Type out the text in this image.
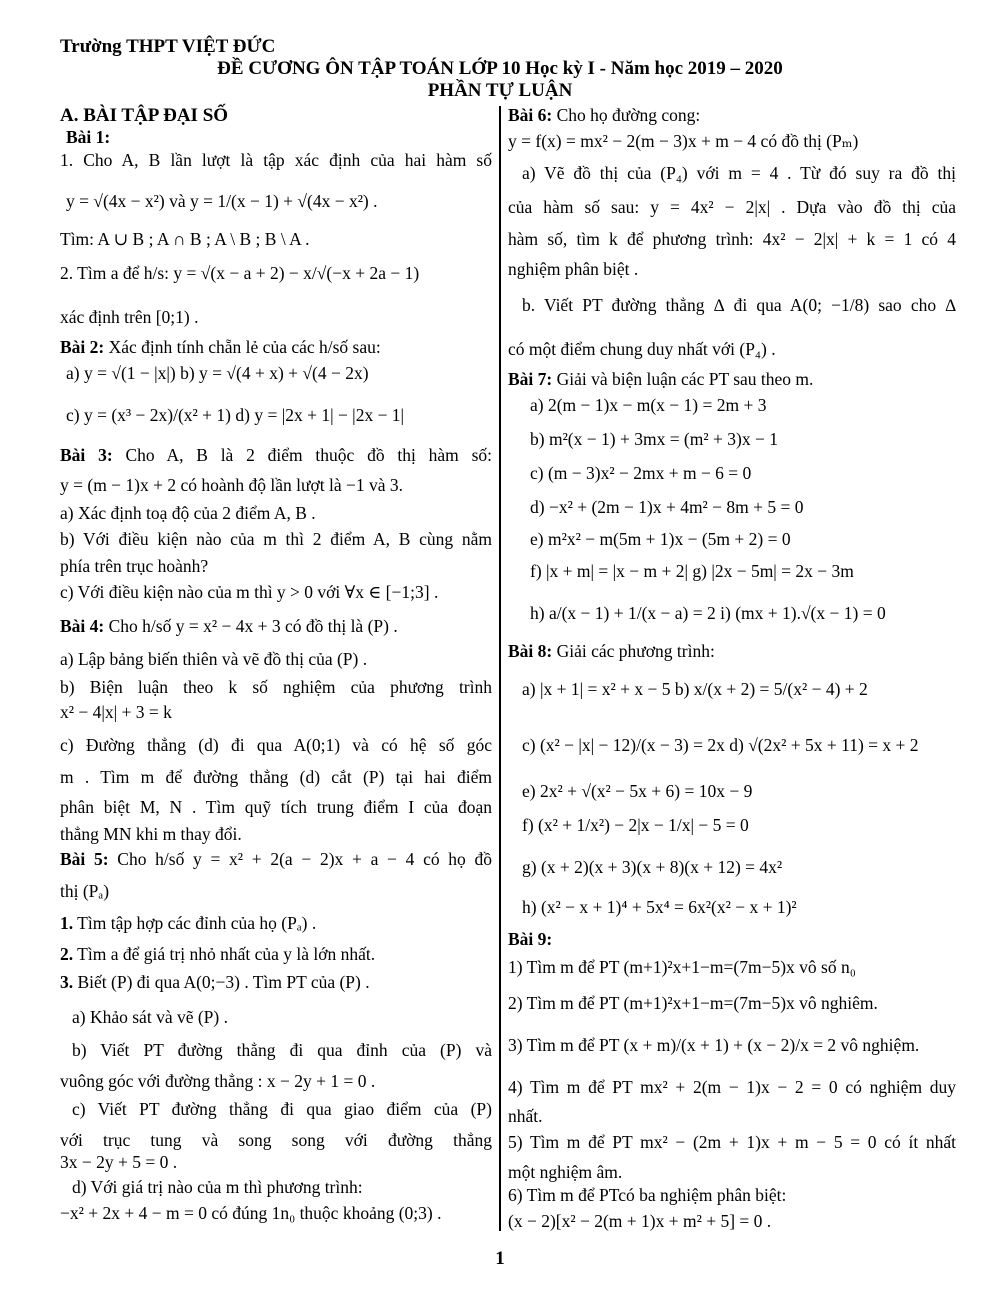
Trường THPT VIỆT ĐỨC
ĐỀ CƯƠNG ÔN TẬP TOÁN LỚP 10 Học kỳ I - Năm học 2019 – 2020
PHẦN TỰ LUẬN
A. BÀI TẬP ĐẠI SỐ
Bài 1:
1. Cho A, B lần lượt là tập xác định của hai hàm số
y = √(4x − x²) và y = 1/(x − 1) + √(4x − x²) .
Tìm: A ∪ B ; A ∩ B ; A \ B ; B \ A .
2. Tìm a để h/s: y = √(x − a + 2) − x/√(−x + 2a − 1)
xác định trên [0;1) .
Bài 2: Xác định tính chẵn lẻ của các h/số sau:
a) y = √(1 − |x|) b) y = √(4 + x) + √(4 − 2x)
c) y = (x³ − 2x)/(x² + 1) d) y = |2x + 1| − |2x − 1|
Bài 3: Cho A, B là 2 điểm thuộc đồ thị hàm số:
y = (m − 1)x + 2 có hoành độ lần lượt là −1 và 3.
a) Xác định toạ độ của 2 điểm A, B .
b) Với điều kiện nào của m thì 2 điểm A, B cùng nằm
phía trên trục hoành?
c) Với điều kiện nào của m thì y > 0 với ∀x ∈ [−1;3] .
Bài 4: Cho h/số y = x² − 4x + 3 có đồ thị là (P) .
a) Lập bảng biến thiên và vẽ đồ thị của (P) .
b) Biện luận theo k số nghiệm của phương trình
x² − 4|x| + 3 = k
c) Đường thẳng (d) đi qua A(0;1) và có hệ số góc
m . Tìm m để đường thẳng (d) cắt (P) tại hai điểm
phân biệt M, N . Tìm quỹ tích trung điểm I của đoạn
thẳng MN khi m thay đổi.
Bài 5: Cho h/số y = x² + 2(a − 2)x + a − 4 có họ đồ
thị (Pₐ)
1. Tìm tập hợp các đỉnh của họ (Pₐ) .
2. Tìm a để giá trị nhỏ nhất của y là lớn nhất.
3. Biết (P) đi qua A(0;−3) . Tìm PT của (P) .
a) Khảo sát và vẽ (P) .
b) Viết PT đường thẳng đi qua đỉnh của (P) và
vuông góc với đường thẳng : x − 2y + 1 = 0 .
c) Viết PT đường thẳng đi qua giao điểm của (P)
với trục tung và song song với đường thẳng
3x − 2y + 5 = 0 .
d) Với giá trị nào của m thì phương trình:
−x² + 2x + 4 − m = 0 có đúng 1n₀ thuộc khoảng (0;3) .
Bài 6: Cho họ đường cong:
y = f(x) = mx² − 2(m − 3)x + m − 4 có đồ thị (Pₘ)
a) Vẽ đồ thị của (P₄) với m = 4 . Từ đó suy ra đồ thị
của hàm số sau: y = 4x² − 2|x| . Dựa vào đồ thị của
hàm số, tìm k để phương trình: 4x² − 2|x| + k = 1 có 4
nghiệm phân biệt .
b. Viết PT đường thẳng ∆ đi qua A(0; −1/8) sao cho ∆
có một điểm chung duy nhất với (P₄) .
Bài 7: Giải và biện luận các PT sau theo m.
a) 2(m − 1)x − m(x − 1) = 2m + 3
b) m²(x − 1) + 3mx = (m² + 3)x − 1
c) (m − 3)x² − 2mx + m − 6 = 0
d) −x² + (2m − 1)x + 4m² − 8m + 5 = 0
e) m²x² − m(5m + 1)x − (5m + 2) = 0
f) |x + m| = |x − m + 2| g) |2x − 5m| = 2x − 3m
h) a/(x − 1) + 1/(x − a) = 2 i) (mx + 1).√(x − 1) = 0
Bài 8: Giải các phương trình:
a) |x + 1| = x² + x − 5 b) x/(x + 2) = 5/(x² − 4) + 2
c) (x² − |x| − 12)/(x − 3) = 2x d) √(2x² + 5x + 11) = x + 2
e) 2x² + √(x² − 5x + 6) = 10x − 9
f) (x² + 1/x²) − 2|x − 1/x| − 5 = 0
g) (x + 2)(x + 3)(x + 8)(x + 12) = 4x²
h) (x² − x + 1)⁴ + 5x⁴ = 6x²(x² − x + 1)²
Bài 9:
1) Tìm m để PT (m+1)²x+1−m=(7m−5)x vô số n₀
2) Tìm m để PT (m+1)²x+1−m=(7m−5)x vô nghiêm.
3) Tìm m để PT (x + m)/(x + 1) + (x − 2)/x = 2 vô nghiệm.
4) Tìm m để PT mx² + 2(m − 1)x − 2 = 0 có nghiệm duy
nhất.
5) Tìm m để PT mx² − (2m + 1)x + m − 5 = 0 có ít nhất
một nghiệm âm.
6) Tìm m để PTcó ba nghiệm phân biệt:
(x − 2)[x² − 2(m + 1)x + m² + 5] = 0 .
1
